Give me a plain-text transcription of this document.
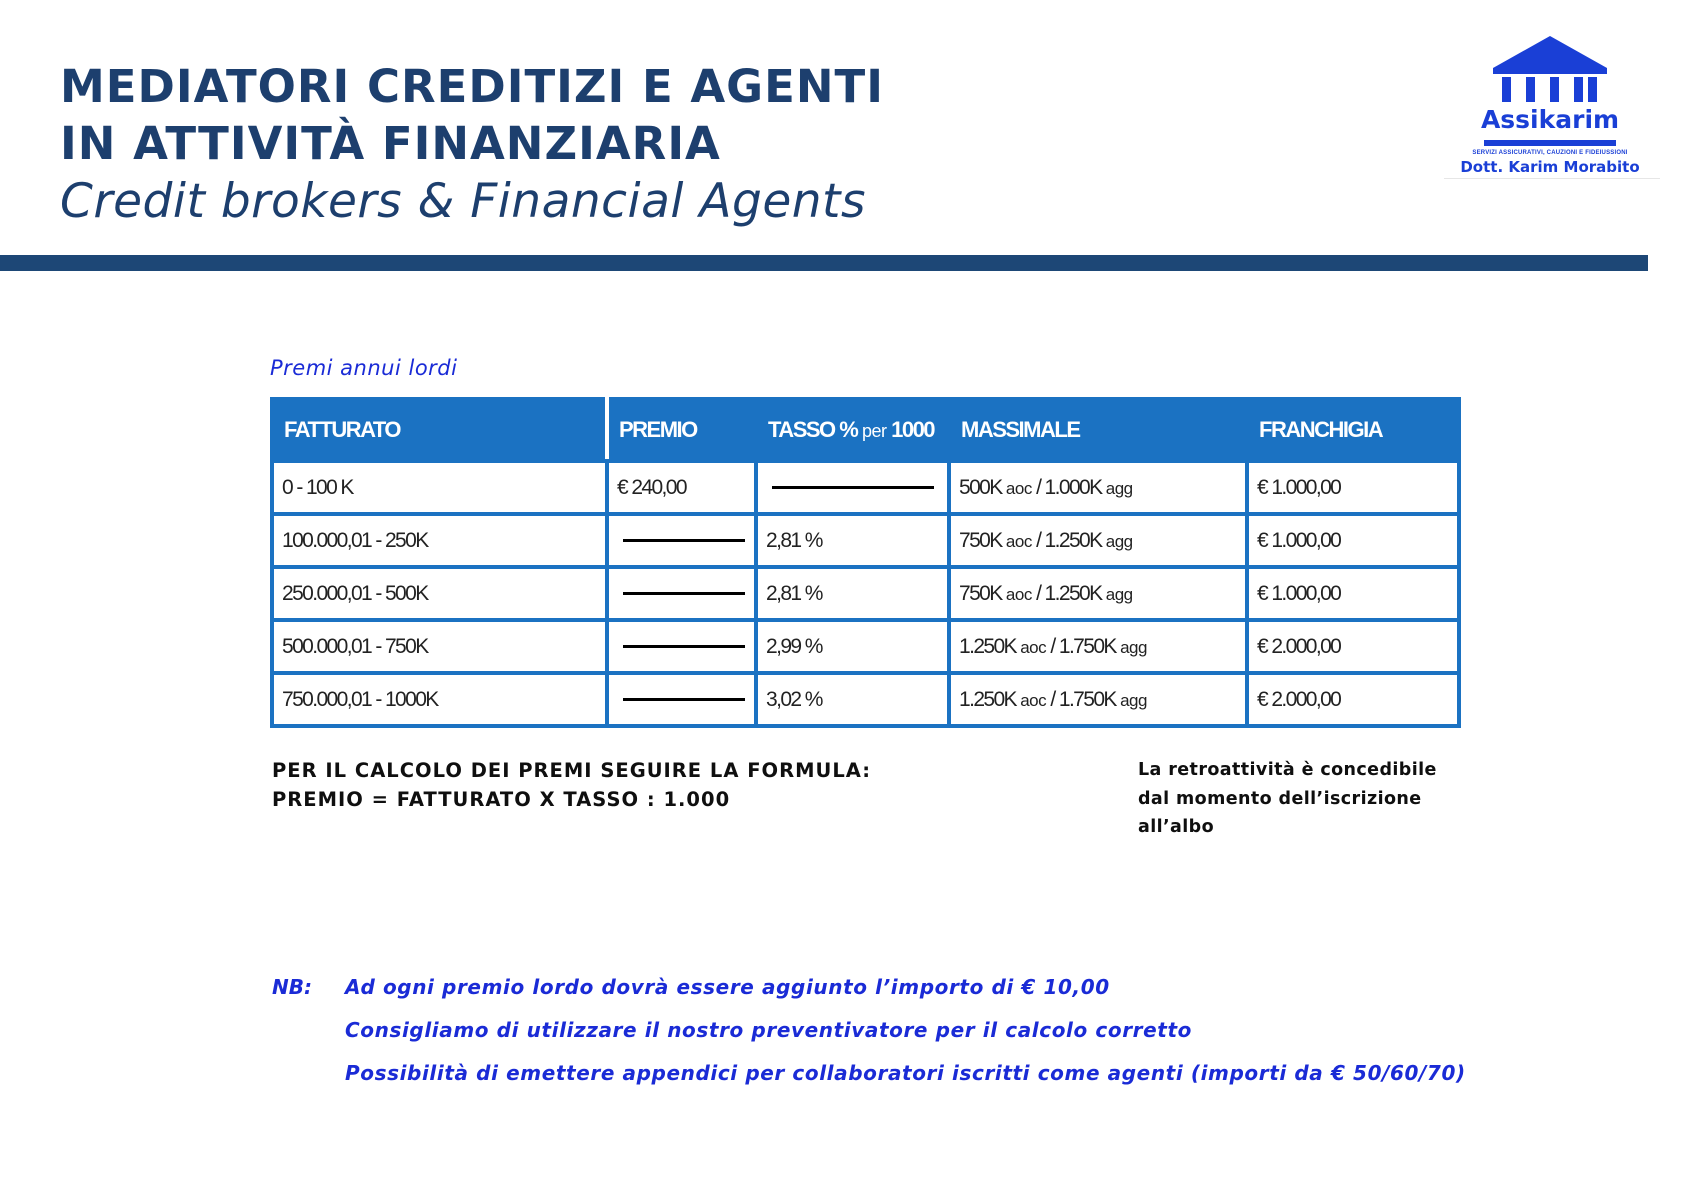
MEDIATORI CREDITIZI E AGENTI

IN ATTIVITÀ FINANZIARIA

Credit brokers & Financial Agents

Assikarim
SERVIZI ASSICURATIVI, CAUZIONI E FIDEIUSSIONI
Dott. Karim Morabito
Premi annui lordi
FATTURATO	PREMIO	TASSO % per 1000	MASSIMALE	FRANCHIGIA
0 - 100 K	€ 240,00		500K aoc / 1.000K agg	€ 1.000,00
100.000,01 - 250K		2,81 %	750K aoc / 1.250K agg	€ 1.000,00
250.000,01 - 500K		2,81 %	750K aoc / 1.250K agg	€ 1.000,00
500.000,01 - 750K		2,99 %	1.250K aoc / 1.750K agg	€ 2.000,00
750.000,01 - 1000K		3,02 %	1.250K aoc / 1.750K agg	€ 2.000,00
PER IL CALCOLO DEI PREMI SEGUIRE LA FORMULA:
PREMIO = FATTURATO X TASSO : 1.000
La retroattività è concedibile
dal momento dell’iscrizione
all’albo
NB: Ad ogni premio lordo dovrà essere aggiunto l’importo di € 10,00
Consigliamo di utilizzare il nostro preventivatore per il calcolo corretto
Possibilità di emettere appendici per collaboratori iscritti come agenti (importi da € 50/60/70)
